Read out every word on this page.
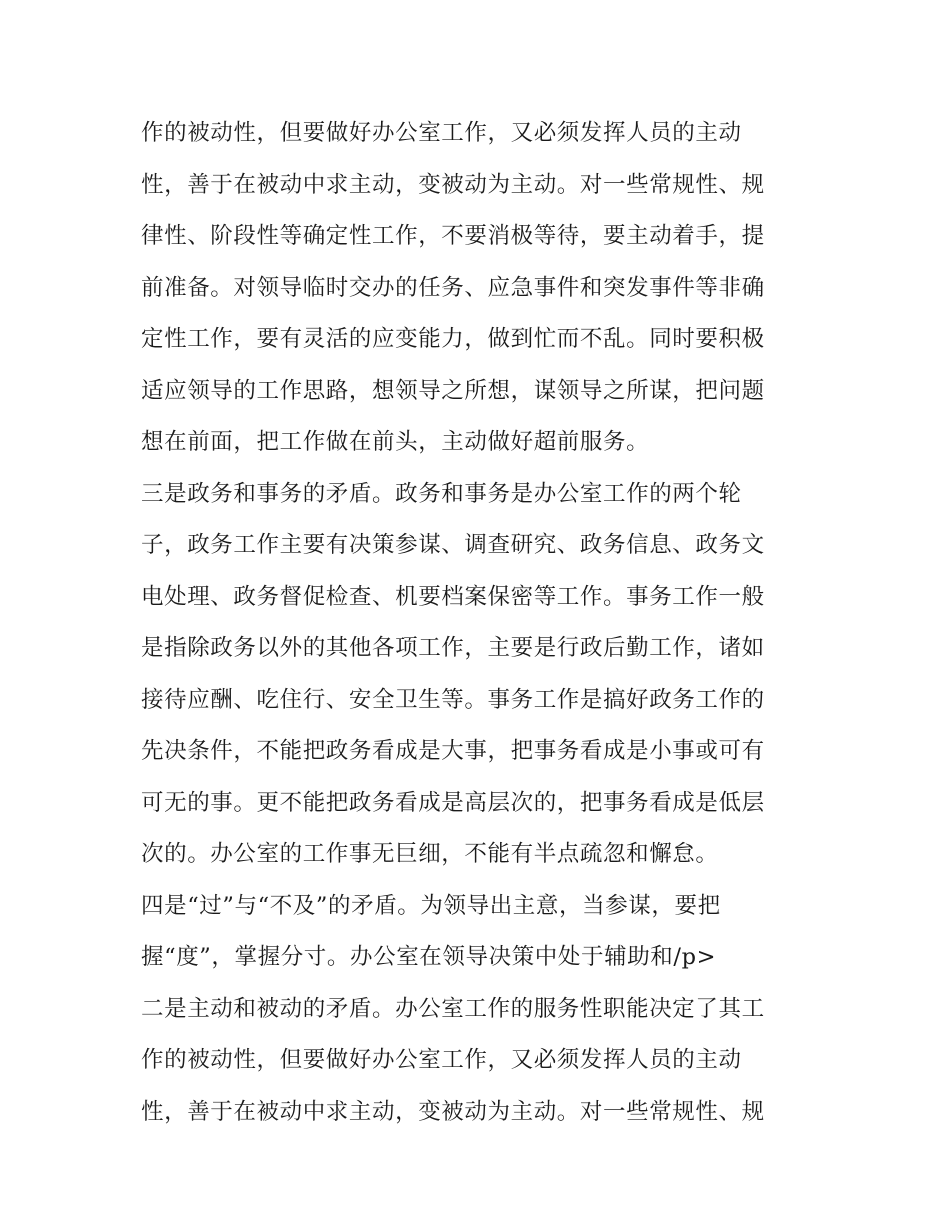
作的被动性，但要做好办公室工作，又必须发挥人员的主动
性，善于在被动中求主动，变被动为主动。对一些常规性、规
律性、阶段性等确定性工作，不要消极等待，要主动着手，提
前准备。对领导临时交办的任务、应急事件和突发事件等非确
定性工作，要有灵活的应变能力，做到忙而不乱。同时要积极
适应领导的工作思路，想领导之所想，谋领导之所谋，把问题
想在前面，把工作做在前头，主动做好超前服务。
三是政务和事务的矛盾。政务和事务是办公室工作的两个轮
子，政务工作主要有决策参谋、调查研究、政务信息、政务文
电处理、政务督促检查、机要档案保密等工作。事务工作一般
是指除政务以外的其他各项工作，主要是行政后勤工作，诸如
接待应酬、吃住行、安全卫生等。事务工作是搞好政务工作的
先决条件，不能把政务看成是大事，把事务看成是小事或可有
可无的事。更不能把政务看成是高层次的，把事务看成是低层
次的。办公室的工作事无巨细，不能有半点疏忽和懈怠。
四是“过”与“不及”的矛盾。为领导出主意，当参谋，要把
握“度”，掌握分寸。办公室在领导决策中处于辅助和/p>
二是主动和被动的矛盾。办公室工作的服务性职能决定了其工
作的被动性，但要做好办公室工作，又必须发挥人员的主动
性，善于在被动中求主动，变被动为主动。对一些常规性、规
